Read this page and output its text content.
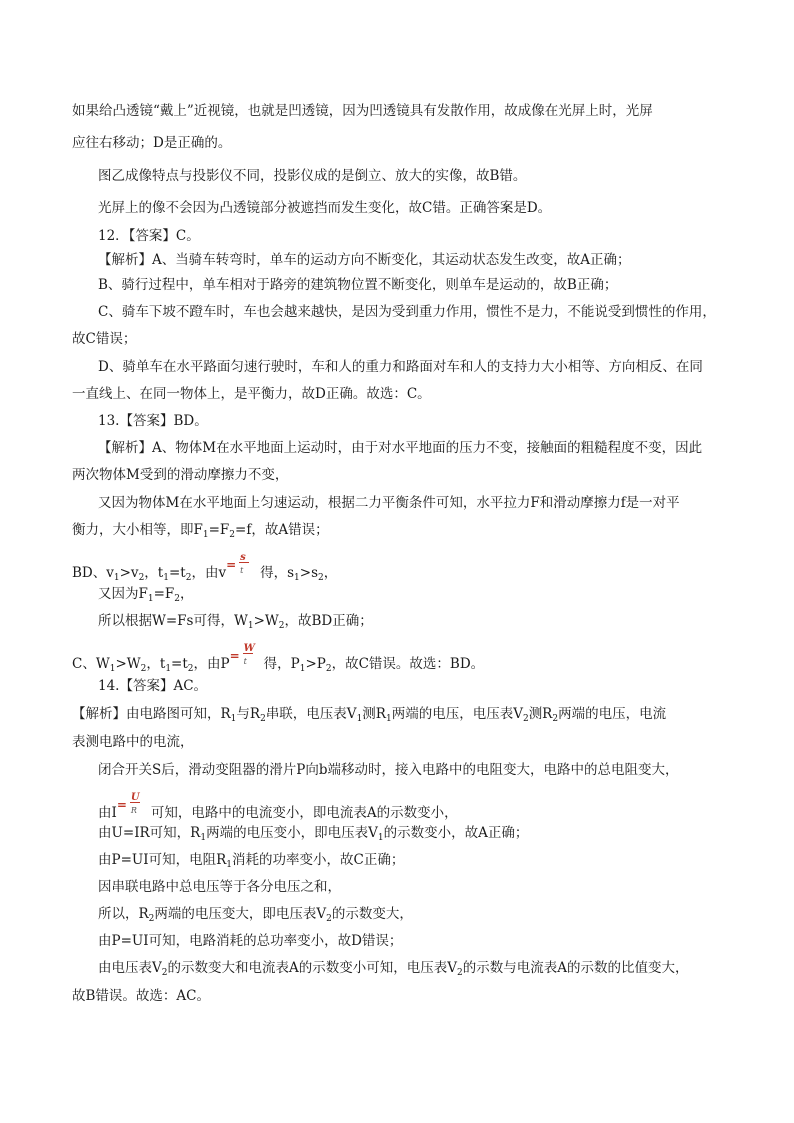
如果给凸透镜“戴上”近视镜，也就是凹透镜，因为凹透镜具有发散作用，故成像在光屏上时，光屏
应往右移动；D是正确的。
图乙成像特点与投影仪不同，投影仪成的是倒立、放大的实像，故B错。
光屏上的像不会因为凸透镜部分被遮挡而发生变化，故C错。正确答案是D。
12．【答案】C。
【解析】A、当骑车转弯时，单车的运动方向不断变化，其运动状态发生改变，故A正确；
B、骑行过程中，单车相对于路旁的建筑物位置不断变化，则单车是运动的，故B正确；
C、骑车下坡不蹬车时，车也会越来越快，是因为受到重力作用，惯性不是力，不能说受到惯性的作用，
故C错误；
D、骑单车在水平路面匀速行驶时，车和人的重力和路面对车和人的支持力大小相等、方向相反、在同
一直线上、在同一物体上，是平衡力，故D正确。故选：C。
13.【答案】BD。
【解析】A、物体M在水平地面上运动时，由于对水平地面的压力不变，接触面的粗糙程度不变，因此
两次物体M受到的滑动摩擦力不变，
又因为物体M在水平地面上匀速运动，根据二力平衡条件可知，水平拉力F和滑动摩擦力f是一对平
衡力，大小相等，即$F_1=F_2=f$，故A错误；
BD、$v_1>v_2$，$t_1=t_2$，由v =
s
t 得，$s_1>s_2$，
又因为$F_1=F_2$，
所以根据W=Fs可得，$W_1>W_2$，故BD正确；
C、$W_1>W_2$，$t_1=t_2$，由P =
W
t 得，$P_1>P_2$，故C错误。故选：BD。
14.【答案】AC。
【解析】由电路图可知，$R_1$与$R_2$串联，电压表$V_1$测$R_1$两端的电压，电压表$V_2$测$R_2$两端的电压，电流
表测电路中的电流，
闭合开关S后，滑动变阻器的滑片P向b端移动时，接入电路中的电阻变大，电路中的总电阻变大，
由I =
U
R 可知，电路中的电流变小，即电流表A的示数变小，
由U=IR可知，$R_1$两端的电压变小，即电压表$V_1$的示数变小，故A正确；
由P=UI可知，电阻$R_1$消耗的功率变小，故C正确；
因串联电路中总电压等于各分电压之和，
所以，$R_2$两端的电压变大，即电压表$V_2$的示数变大，
由P=UI可知，电路消耗的总功率变小，故D错误；
由电压表$V_2$的示数变大和电流表A的示数变小可知，电压表$V_2$的示数与电流表A的示数的比值变大，
故B错误。故选：AC。
